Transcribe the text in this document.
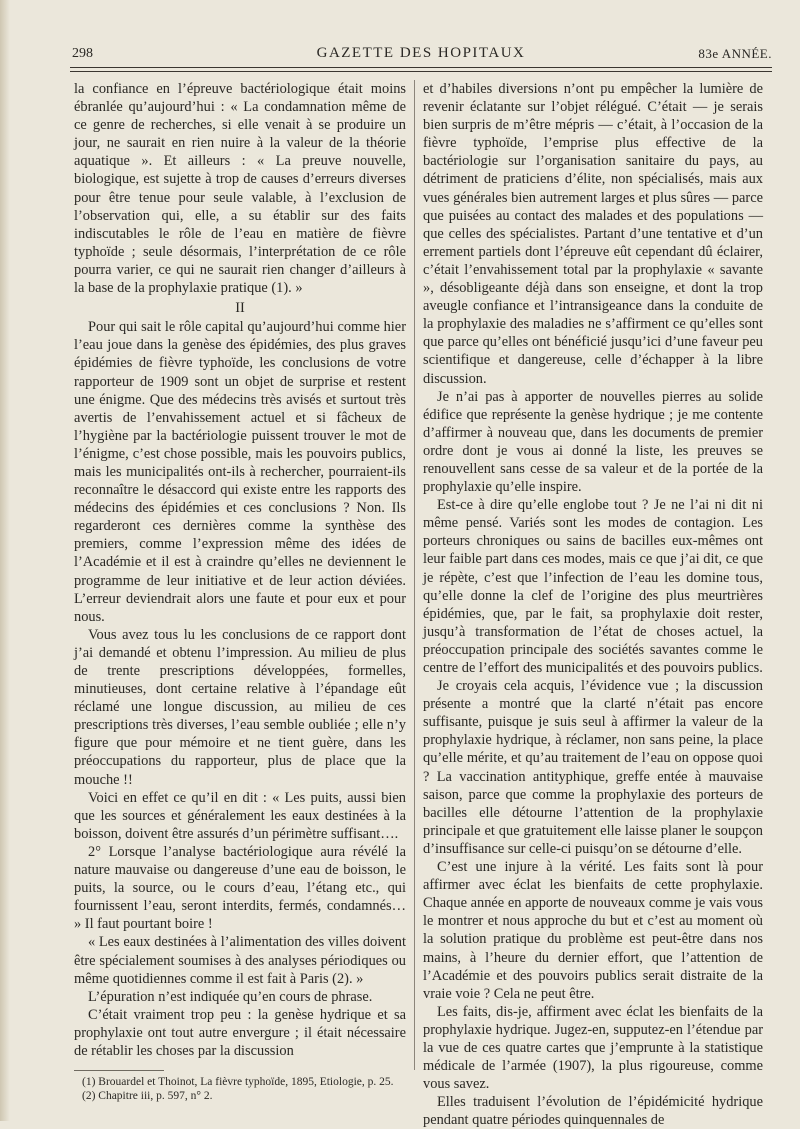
298	GAZETTE DES HOPITAUX	83e ANNÉE.

la confiance en l’épreuve bactériologique était moins ébranlée qu’aujourd’hui : « La condamnation même de ce genre de recherches, si elle venait à se produire un jour, ne saurait en rien nuire à la valeur de la théorie aquatique ». Et ailleurs : « La preuve nouvelle, biologique, est sujette à trop de causes d’erreurs diverses pour être tenue pour seule valable, à l’exclusion de l’observation qui, elle, a su établir sur des faits indiscutables le rôle de l’eau en matière de fièvre typhoïde ; seule désormais, l’interprétation de ce rôle pourra varier, ce qui ne saurait rien changer d’ailleurs à la base de la prophylaxie pratique (1). »

II

Pour qui sait le rôle capital qu’aujourd’hui comme hier l’eau joue dans la genèse des épidémies, des plus graves épidémies de fièvre typhoïde, les conclusions de votre rapporteur de 1909 sont un objet de surprise et restent une énigme. Que des médecins très avisés et surtout très avertis de l’envahissement actuel et si fâcheux de l’hygiène par la bactériologie puissent trouver le mot de l’énigme, c’est chose possible, mais les pouvoirs publics, mais les municipalités ont-ils à rechercher, pourraient-ils reconnaître le désaccord qui existe entre les rapports des médecins des épidémies et ces conclusions ? Non. Ils regarderont ces dernières comme la synthèse des premiers, comme l’expression même des idées de l’Académie et il est à craindre qu’elles ne deviennent le programme de leur initiative et de leur action déviées. L’erreur deviendrait alors une faute et pour eux et pour nous.

Vous avez tous lu les conclusions de ce rapport dont j’ai demandé et obtenu l’impression. Au milieu de plus de trente prescriptions développées, formelles, minutieuses, dont certaine relative à l’épandage eût réclamé une longue discussion, au milieu de ces prescriptions très diverses, l’eau semble oubliée ; elle n’y figure que pour mémoire et ne tient guère, dans les préoccupations du rapporteur, plus de place que la mouche !!

Voici en effet ce qu’il en dit : « Les puits, aussi bien que les sources et généralement les eaux destinées à la boisson, doivent être assurés d’un périmètre suffisant….

2° Lorsque l’analyse bactériologique aura révélé la nature mauvaise ou dangereuse d’une eau de boisson, le puits, la source, ou le cours d’eau, l’étang etc., qui fournissent l’eau, seront interdits, fermés, condamnés… » Il faut pourtant boire !

« Les eaux destinées à l’alimentation des villes doivent être spécialement soumises à des analyses périodiques ou même quotidiennes comme il est fait à Paris (2). »

L’épuration n’est indiquée qu’en cours de phrase.

C’était vraiment trop peu : la genèse hydrique et sa prophylaxie ont tout autre envergure ; il était nécessaire de rétablir les choses par la discussion

(1) Brouardel et Thoinot, La fièvre typhoïde, 1895, Etiologie, p. 25.

(2) Chapitre iii, p. 597, n° 2.

et d’habiles diversions n’ont pu empêcher la lumière de revenir éclatante sur l’objet rélégué. C’était — je serais bien surpris de m’être mépris — c’était, à l’occasion de la fièvre typhoïde, l’emprise plus effective de la bactériologie sur l’organisation sanitaire du pays, au détriment de praticiens d’élite, non spécialisés, mais aux vues générales bien autrement larges et plus sûres — parce que puisées au contact des malades et des populations — que celles des spécialistes. Partant d’une tentative et d’un errement partiels dont l’épreuve eût cependant dû éclairer, c’était l’envahissement total par la prophylaxie « savante », désobligeante déjà dans son enseigne, et dont la trop aveugle confiance et l’intransigeance dans la conduite de la prophylaxie des maladies ne s’affirment ce qu’elles sont que parce qu’elles ont bénéficié jusqu’ici d’une faveur peu scientifique et dangereuse, celle d’échapper à la libre discussion.

Je n’ai pas à apporter de nouvelles pierres au solide édifice que représente la genèse hydrique ; je me contente d’affirmer à nouveau que, dans les documents de premier ordre dont je vous ai donné la liste, les preuves se renouvellent sans cesse de sa valeur et de la portée de la prophylaxie qu’elle inspire.

Est-ce à dire qu’elle englobe tout ? Je ne l’ai ni dit ni même pensé. Variés sont les modes de contagion. Les porteurs chroniques ou sains de bacilles eux-mêmes ont leur faible part dans ces modes, mais ce que j’ai dit, ce que je répète, c’est que l’infection de l’eau les domine tous, qu’elle donne la clef de l’origine des plus meurtrières épidémies, que, par le fait, sa prophylaxie doit rester, jusqu’à transformation de l’état de choses actuel, la préoccupation principale des sociétés savantes comme le centre de l’effort des municipalités et des pouvoirs publics.

Je croyais cela acquis, l’évidence vue ; la discussion présente a montré que la clarté n’était pas encore suffisante, puisque je suis seul à affirmer la valeur de la prophylaxie hydrique, à réclamer, non sans peine, la place qu’elle mérite, et qu’au traitement de l’eau on oppose quoi ? La vaccination antityphique, greffe entée à mauvaise saison, parce que comme la prophylaxie des porteurs de bacilles elle détourne l’attention de la prophylaxie principale et que gratuitement elle laisse planer le soupçon d’insuffisance sur celle-ci puisqu’on se détourne d’elle.

C’est une injure à la vérité. Les faits sont là pour affirmer avec éclat les bienfaits de cette prophylaxie. Chaque année en apporte de nouveaux comme je vais vous le montrer et nous approche du but et c’est au moment où la solution pratique du problème est peut-être dans nos mains, à l’heure du dernier effort, que l’attention de l’Académie et des pouvoirs publics serait distraite de la vraie voie ? Cela ne peut être.

Les faits, dis-je, affirment avec éclat les bienfaits de la prophylaxie hydrique. Jugez-en, supputez-en l’étendue par la vue de ces quatre cartes que j’emprunte à la statistique médicale de l’armée (1907), la plus rigoureuse, comme vous savez.

Elles traduisent l’évolution de l’épidémicité hydrique pendant quatre périodes quinquennales de
